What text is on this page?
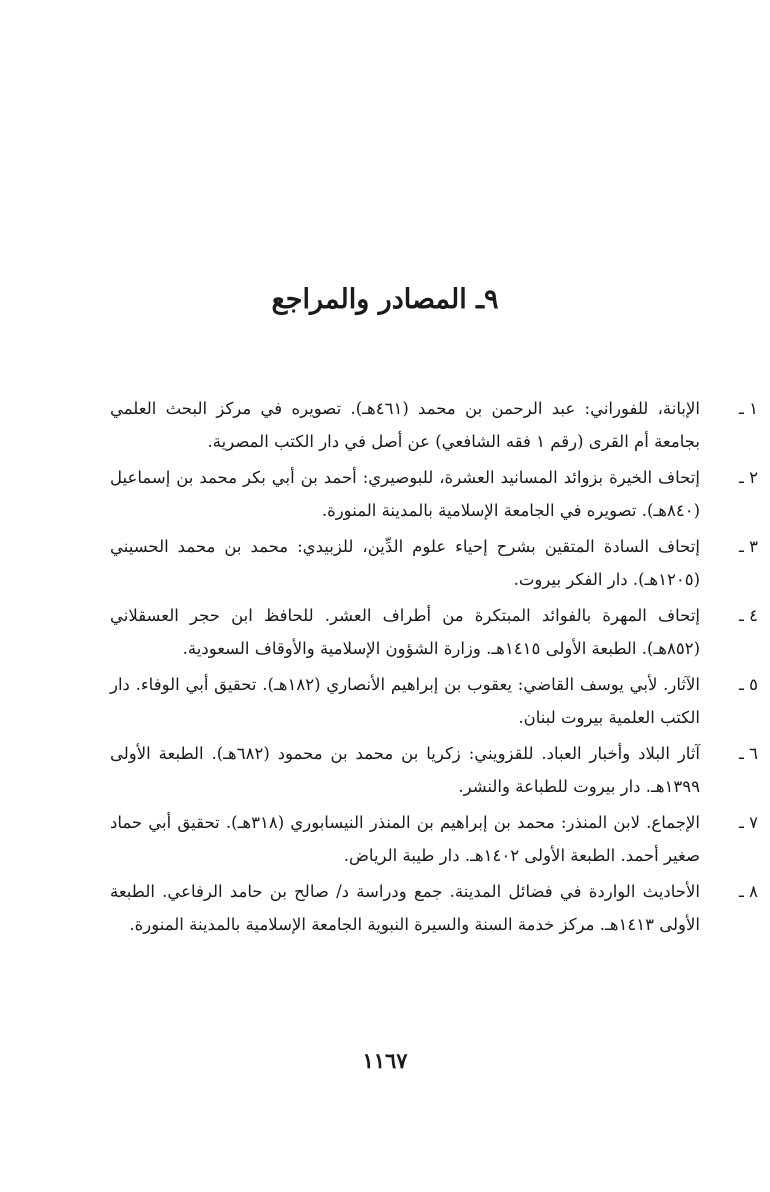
٩ـ المصادر والمراجع
١ ـ
الإبانة، للفوراني: عبد الرحمن بن محمد (٤٦١هـ). تصويره في مركز البحث العلمي بجامعة أم القرى (رقم ١ فقه الشافعي) عن أصل في دار الكتب المصرية.
٢ ـ
إتحاف الخيرة بزوائد المسانيد العشرة، للبوصيري: أحمد بن أبي بكر محمد بن إسماعيل (٨٤٠هـ). تصويره في الجامعة الإسلامية بالمدينة المنورة.
٣ ـ
إتحاف السادة المتقين بشرح إحياء علوم الدِّين، للزبيدي: محمد بن محمد الحسيني (١٢٠٥هـ). دار الفكر بيروت.
٤ ـ
إتحاف المهرة بالفوائد المبتكرة من أطراف العشر. للحافظ ابن حجر العسقلاني (٨٥٢هـ). الطبعة الأولى ١٤١٥هـ. وزارة الشؤون الإسلامية والأوقاف السعودية.
٥ ـ
الآثار. لأبي يوسف القاضي: يعقوب بن إبراهيم الأنصاري (١٨٢هـ). تحقيق أبي الوفاء. دار الكتب العلمية بيروت لبنان.
٦ ـ
آثار البلاد وأخبار العباد. للقزويني: زكريا بن محمد بن محمود (٦٨٢هـ). الطبعة الأولى ١٣٩٩هـ. دار بيروت للطباعة والنشر.
٧ ـ
الإجماع. لابن المنذر: محمد بن إبراهيم بن المنذر النيسابوري (٣١٨هـ). تحقيق أبي حماد صغير أحمد. الطبعة الأولى ١٤٠٢هـ. دار طيبة الرياض.
٨ ـ
الأحاديث الواردة في فضائل المدينة. جمع ودراسة د/ صالح بن حامد الرفاعي. الطبعة الأولى ١٤١٣هـ. مركز خدمة السنة والسيرة النبوية الجامعة الإسلامية بالمدينة المنورة.
١١٦٧
